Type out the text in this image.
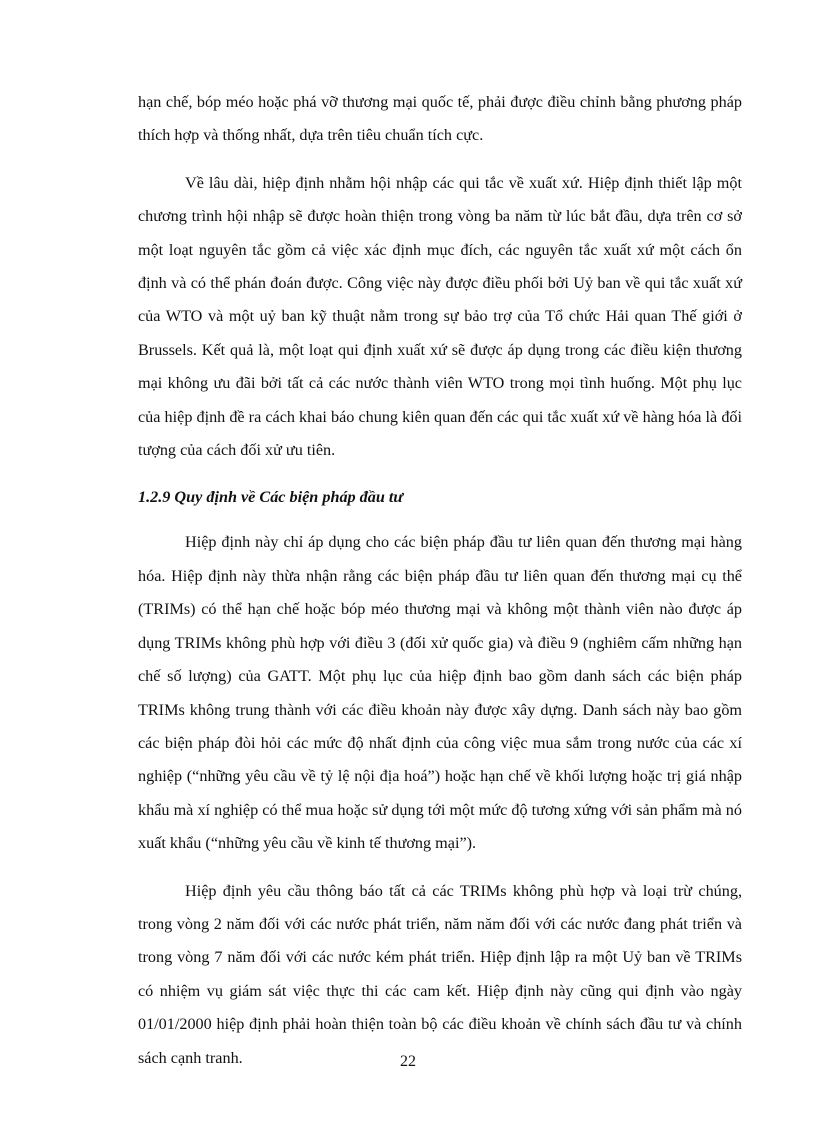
hạn chế, bóp méo hoặc phá vỡ thương mại quốc tế, phải được điều chỉnh bằng phương pháp thích hợp và thống nhất, dựa trên tiêu chuẩn tích cực.

Về lâu dài, hiệp định nhằm hội nhập các qui tắc về xuất xứ. Hiệp định thiết lập một chương trình hội nhập sẽ được hoàn thiện trong vòng ba năm từ lúc bắt đầu, dựa trên cơ sở một loạt nguyên tắc gồm cả việc xác định mục đích, các nguyên tắc xuất xứ một cách ổn định và có thể phán đoán được. Công việc này được điều phối bởi Uỷ ban về qui tắc xuất xứ của WTO và một uỷ ban kỹ thuật nằm trong sự bảo trợ của Tổ chức Hải quan Thế giới ở Brussels. Kết quả là, một loạt qui định xuất xứ sẽ được áp dụng trong các điều kiện thương mại không ưu đãi bởi tất cả các nước thành viên WTO trong mọi tình huống. Một phụ lục của hiệp định đề ra cách khai báo chung kiên quan đến các qui tắc xuất xứ về hàng hóa là đối tượng của cách đối xử ưu tiên.

1.2.9 Quy định về Các biện pháp đầu tư

Hiệp định này chỉ áp dụng cho các biện pháp đầu tư liên quan đến thương mại hàng hóa. Hiệp định này thừa nhận rằng các biện pháp đầu tư liên quan đến thương mại cụ thể (TRIMs) có thể hạn chế hoặc bóp méo thương mại và không một thành viên nào được áp dụng TRIMs không phù hợp với điều 3 (đối xử quốc gia) và điều 9 (nghiêm cấm những hạn chế số lượng) của GATT. Một phụ lục của hiệp định bao gồm danh sách các biện pháp TRIMs không trung thành với các điều khoản này được xây dựng. Danh sách này bao gồm các biện pháp đòi hỏi các mức độ nhất định của công việc mua sắm trong nước của các xí nghiệp (“những yêu cầu về tỷ lệ nội địa hoá”) hoặc hạn chế về khối lượng hoặc trị giá nhập khẩu mà xí nghiệp có thể mua hoặc sử dụng tới một mức độ tương xứng với sản phẩm mà nó xuất khẩu (“những yêu cầu về kinh tế thương mại”).

Hiệp định yêu cầu thông báo tất cả các TRIMs không phù hợp và loại trừ chúng, trong vòng 2 năm đối với các nước phát triển, năm năm đối với các nước đang phát triển và trong vòng 7 năm đối với các nước kém phát triển. Hiệp định lập ra một Uỷ ban về TRIMs có nhiệm vụ giám sát việc thực thi các cam kết. Hiệp định này cũng qui định vào ngày 01/01/2000 hiệp định phải hoàn thiện toàn bộ các điều khoản về chính sách đầu tư và chính sách cạnh tranh.	22
